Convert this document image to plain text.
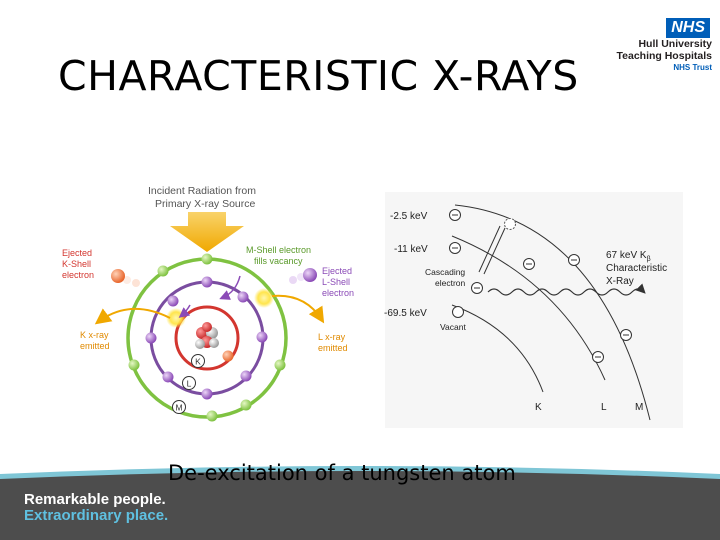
CHARACTERISTIC X-RAYS
NHS
Hull University
Teaching Hospitals
NHS Trust
Incident Radiation from
Primary X-ray Source
K
L
M
Ejected
K-Shell
electron
M-Shell electron
fills vacancy
Ejected
L-Shell
electron
K x-ray
emitted
L x-ray
emitted
-2.5 keV
-11 keV
-69.5 keV
Cascading
electron
Vacant
67 keV $K_\beta$
Characteristic
X-Ray
K	L	M
De-excitation of a tungsten atom
Remarkable people.
Extraordinary place.
